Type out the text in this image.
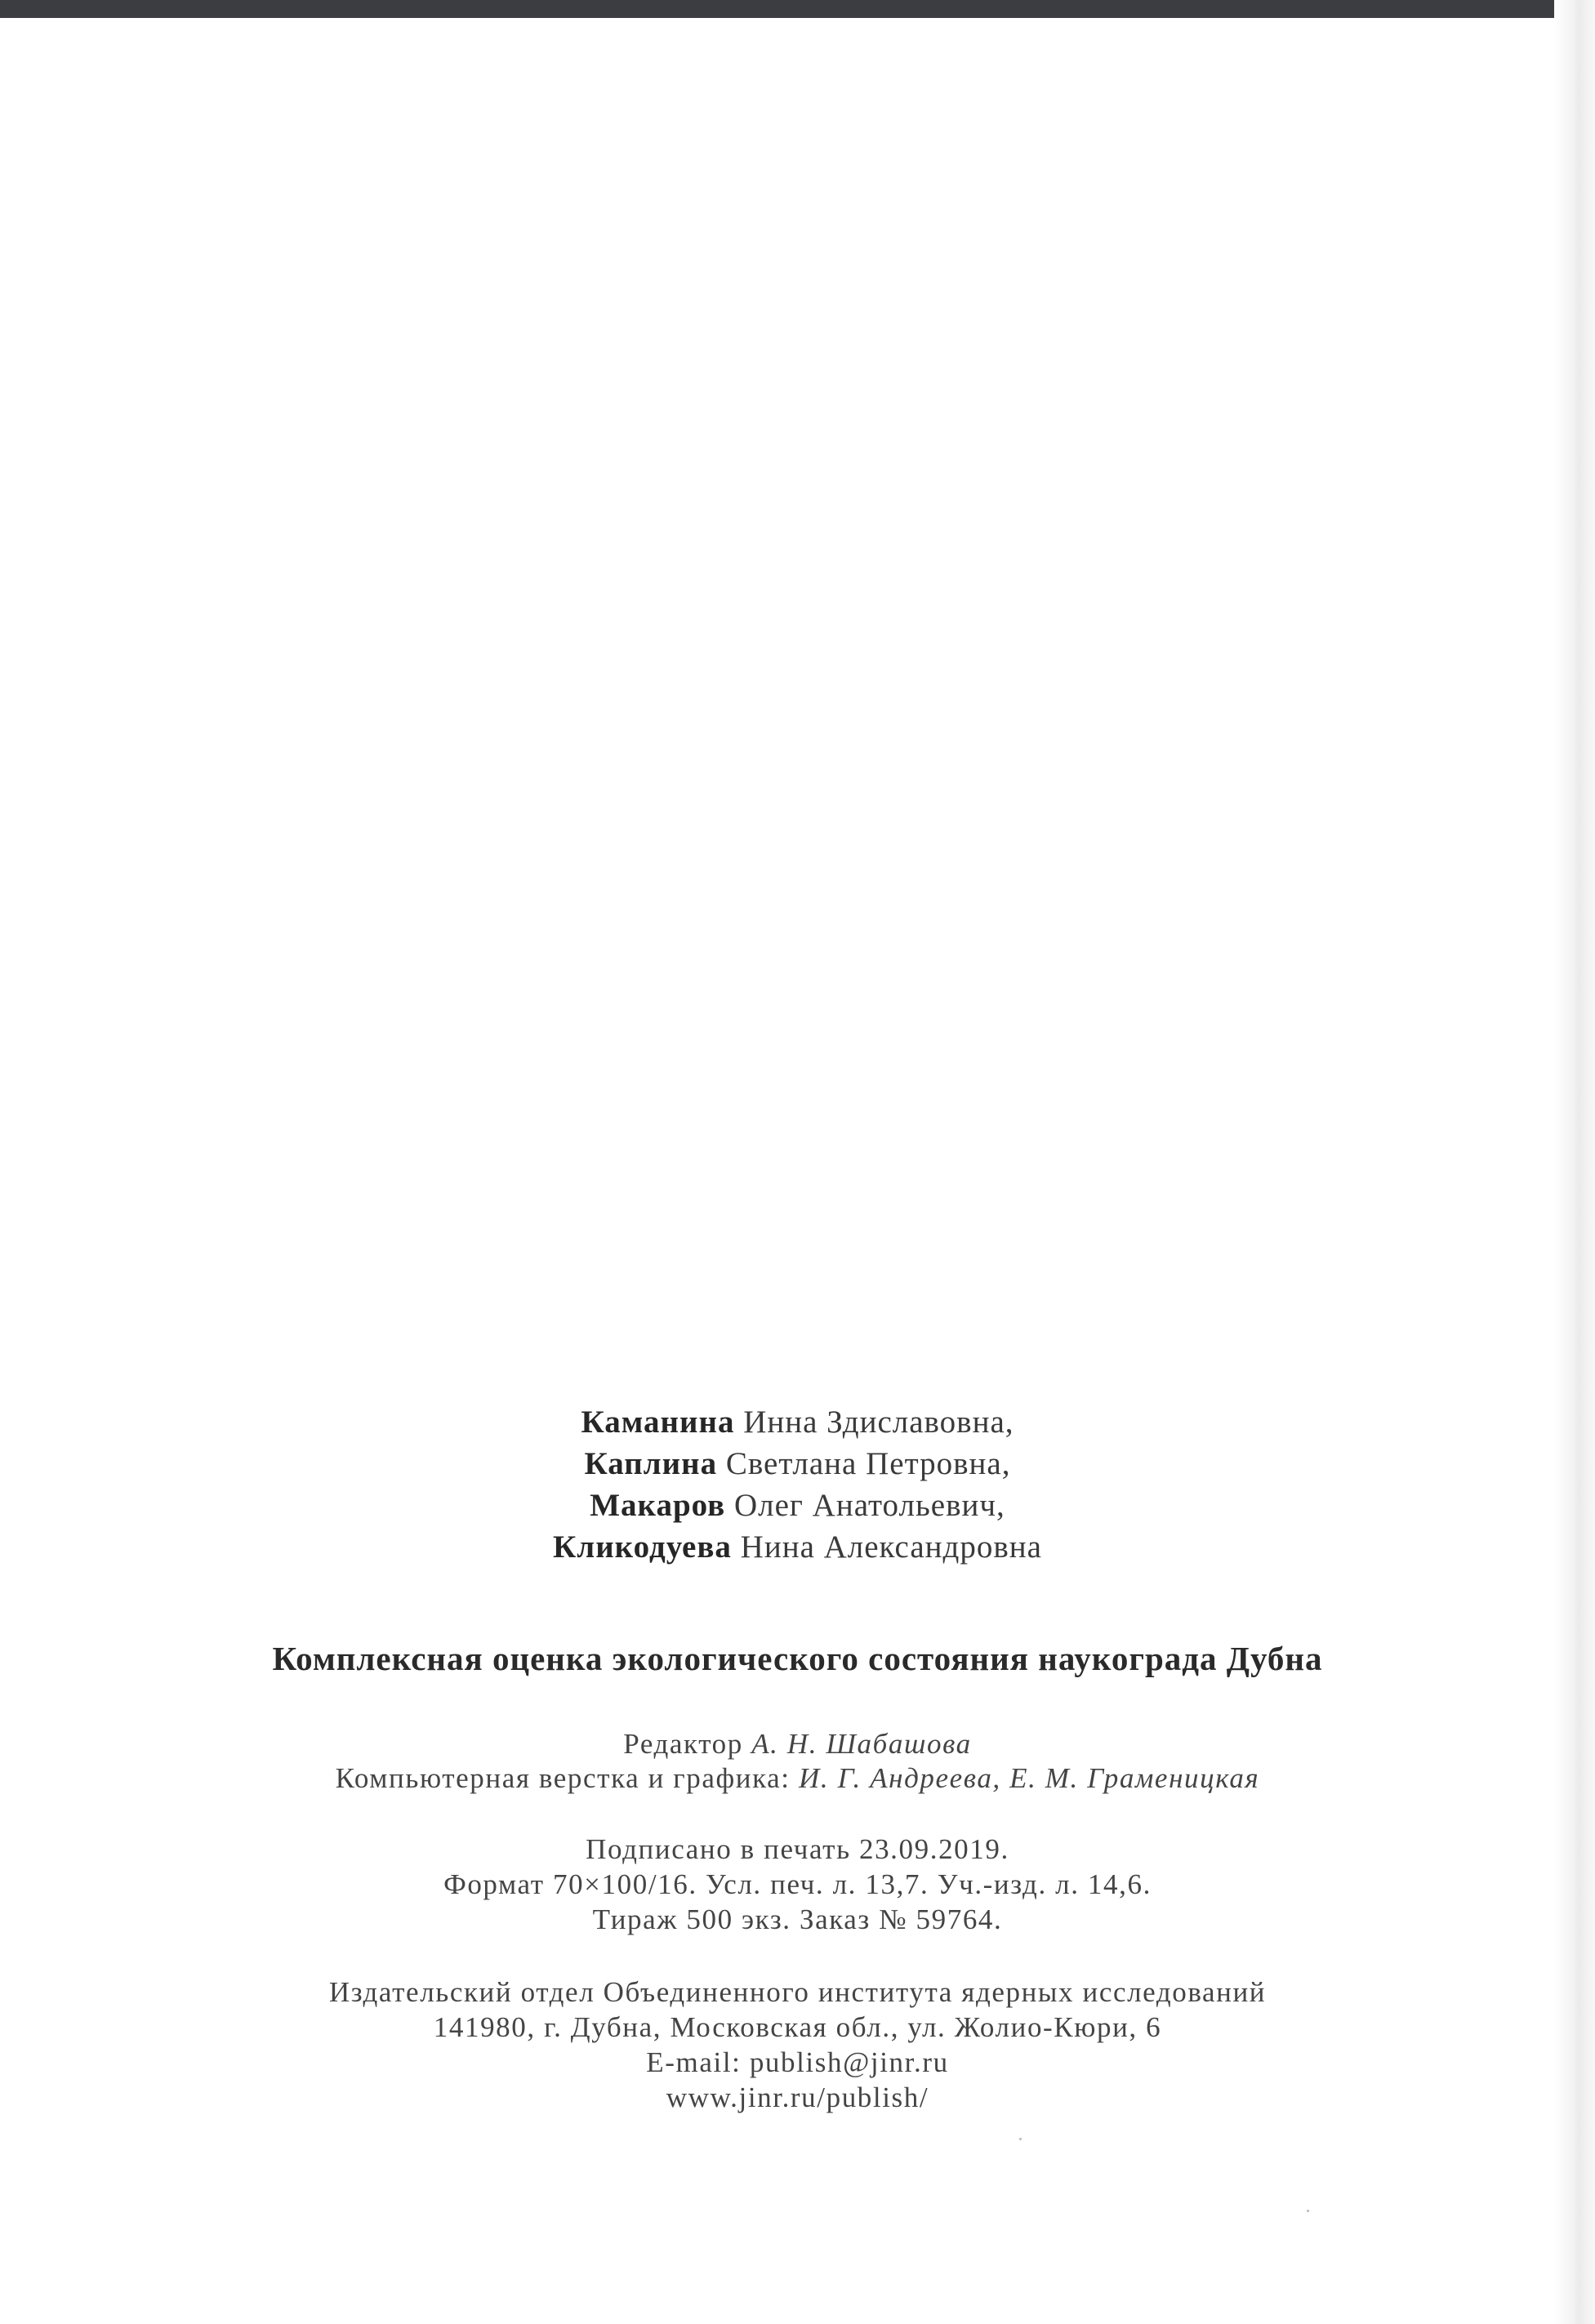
Каманина Инна Здиславовна,
Каплина Светлана Петровна,
Макаров Олег Анатольевич,
Кликодуева Нина Александровна
Комплексная оценка экологического состояния наукограда Дубна
Редактор А. Н. Шабашова
Компьютерная верстка и графика: И. Г. Андреева, Е. М. Граменицкая
Подписано в печать 23.09.2019.
Формат 70×100/16. Усл. печ. л. 13,7. Уч.-изд. л. 14,6.
Тираж 500 экз. Заказ № 59764.
Издательский отдел Объединенного института ядерных исследований
141980, г. Дубна, Московская обл., ул. Жолио-Кюри, 6
E-mail: publish@jinr.ru
www.jinr.ru/publish/
